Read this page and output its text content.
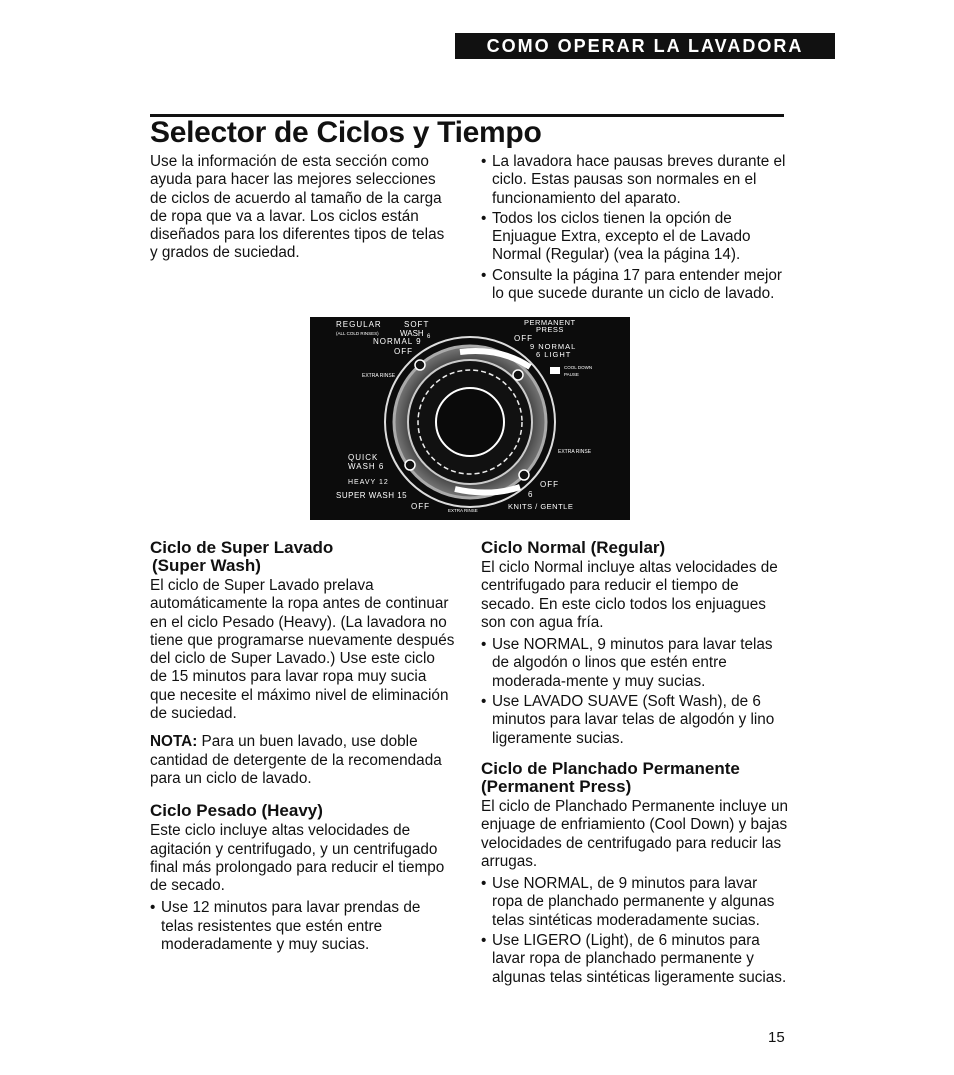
COMO OPERAR LA LAVADORA
Selector de Ciclos y Tiempo

Use la información de esta sección como ayuda para hacer las mejores selecciones de ciclos de acuerdo al tamaño de la carga de ropa que va a lavar. Los ciclos están diseñados para los diferentes tipos de telas y grados de suciedad.

• La lavadora hace pausas breves durante el ciclo. Estas pausas son normales en el funcionamiento del aparato.
• Todos los ciclos tienen la opción de Enjuague Extra, excepto el de Lavado Normal (Regular) (vea la página 14).
• Consulte la página 17 para entender mejor lo que sucede durante un ciclo de lavado.
REGULAR
(ALL COLD RINSES)
SOFT
WASH 6
NORMAL 9
OFF
EXTRA RINSE
QUICK
WASH 6
HEAVY 12
SUPER WASH 15
OFF	EXTRA RINSE	KNITS / GENTLE
PERMANENT
PRESS
OFF
9 NORMAL
6 LIGHT
COOL DOWN
PAUSE
EXTRA RINSE
OFF
6
Ciclo de Super Lavado
(Super Wash)

El ciclo de Super Lavado prelava automáticamente la ropa antes de continuar en el ciclo Pesado (Heavy). (La lavadora no tiene que programarse nuevamente después del ciclo de Super Lavado.) Use este ciclo de 15 minutos para lavar ropa muy sucia que necesite el máximo nivel de eliminación de suciedad.

NOTA: Para un buen lavado, use doble cantidad de detergente de la recomendada para un ciclo de lavado.

Ciclo Pesado (Heavy)

Este ciclo incluye altas velocidades de agitación y centrifugado, y un centrifugado final más prolongado para reducir el tiempo de secado.

• Use 12 minutos para lavar prendas de telas resistentes que estén entre moderadamente y muy sucias.
Ciclo Normal (Regular)

El ciclo Normal incluye altas velocidades de centrifugado para reducir el tiempo de secado. En este ciclo todos los enjuagues son con agua fría.

• Use NORMAL, 9 minutos para lavar telas de algodón o linos que estén entre moderada-mente y muy sucias.
• Use LAVADO SUAVE (Soft Wash), de 6 minutos para lavar telas de algodón y lino ligeramente sucias.
Ciclo de Planchado Permanente
(Permanent Press)

El ciclo de Planchado Permanente incluye un enjuage de enfriamiento (Cool Down) y bajas velocidades de centrifugado para reducir las arrugas.

• Use NORMAL, de 9 minutos para lavar ropa de planchado permanente y algunas telas sintéticas moderadamente sucias.
• Use LIGERO (Light), de 6 minutos para lavar ropa de planchado permanente y algunas telas sintéticas ligeramente sucias.
15
